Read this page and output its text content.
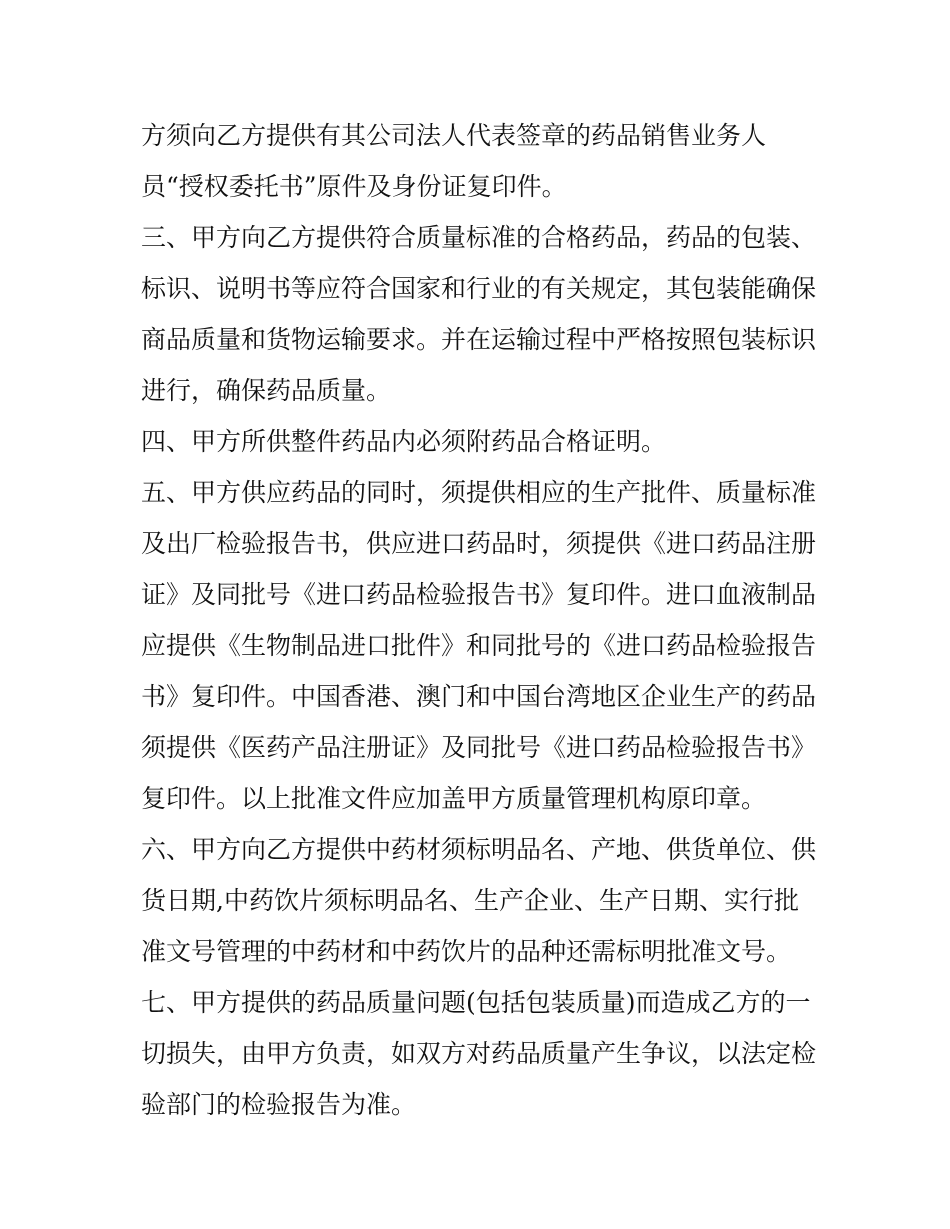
方须向乙方提供有其公司法人代表签章的药品销售业务人
员“授权委托书”原件及身份证复印件。
三、甲方向乙方提供符合质量标准的合格药品，药品的包装、
标识、说明书等应符合国家和行业的有关规定，其包装能确保
商品质量和货物运输要求。并在运输过程中严格按照包装标识
进行，确保药品质量。
四、甲方所供整件药品内必须附药品合格证明。
五、甲方供应药品的同时，须提供相应的生产批件、质量标准
及出厂检验报告书，供应进口药品时，须提供《进口药品注册
证》及同批号《进口药品检验报告书》复印件。进口血液制品
应提供《生物制品进口批件》和同批号的《进口药品检验报告
书》复印件。中国香港、澳门和中国台湾地区企业生产的药品
须提供《医药产品注册证》及同批号《进口药品检验报告书》
复印件。以上批准文件应加盖甲方质量管理机构原印章。
六、甲方向乙方提供中药材须标明品名、产地、供货单位、供
货日期,中药饮片须标明品名、生产企业、生产日期、实行批
准文号管理的中药材和中药饮片的品种还需标明批准文号。
七、甲方提供的药品质量问题(包括包装质量)而造成乙方的一
切损失，由甲方负责，如双方对药品质量产生争议，以法定检
验部门的检验报告为准。
